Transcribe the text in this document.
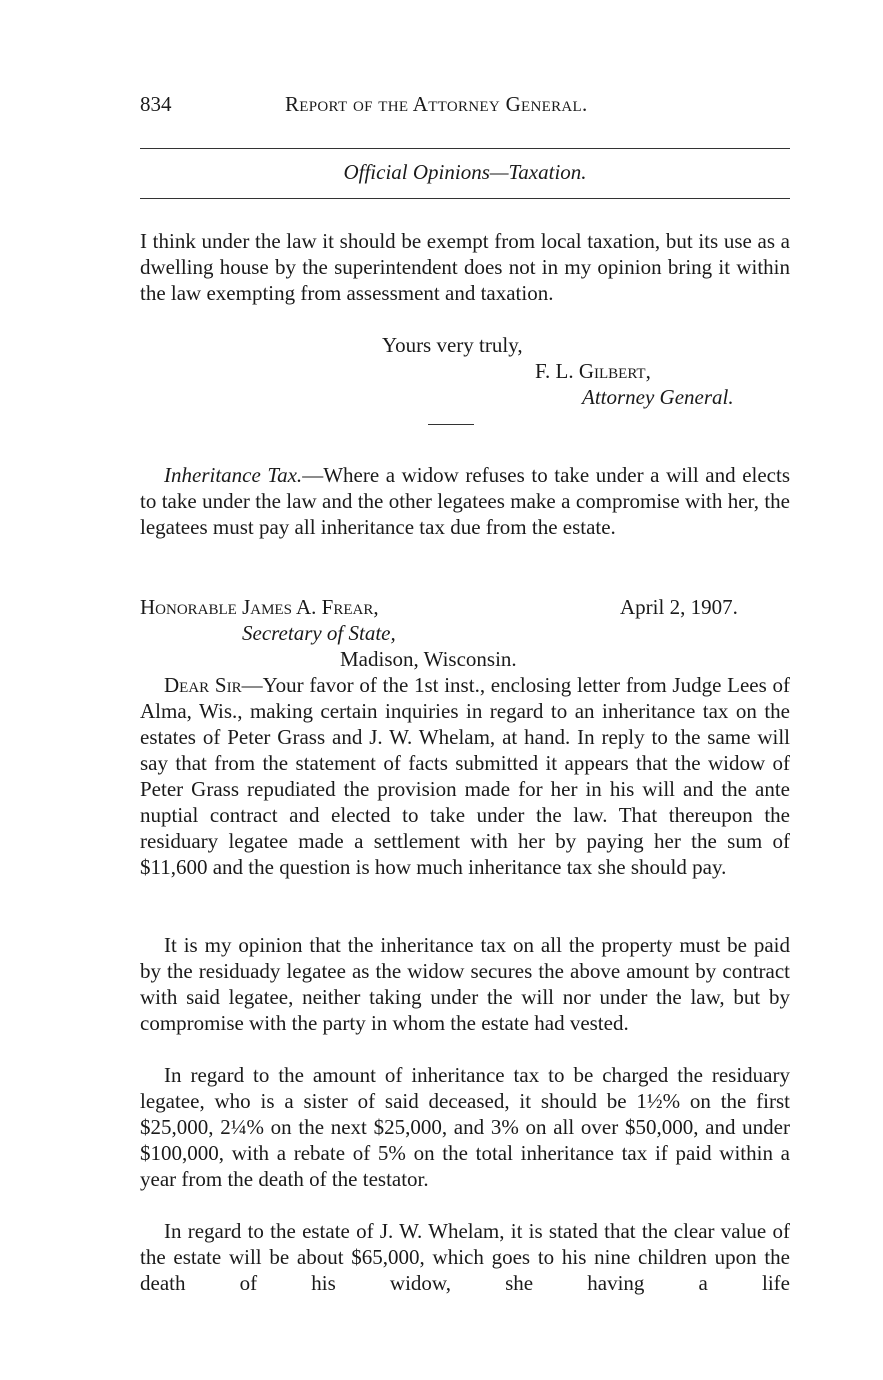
834	Report of the Attorney General.
Official Opinions—Taxation.
I think under the law it should be exempt from local taxation, but its use as a dwelling house by the superintendent does not in my opinion bring it within the law exempting from assessment and taxation.
Yours very truly,
F. L. Gilbert,
Attorney General.
Inheritance Tax.—Where a widow refuses to take under a will and elects to take under the law and the other legatees make a compromise with her, the legatees must pay all inheritance tax due from the estate.
Honorable James A. Frear,	April 2, 1907.
Secretary of State,
Madison, Wisconsin.
Dear Sir—Your favor of the 1st inst., enclosing letter from Judge Lees of Alma, Wis., making certain inquiries in regard to an inheritance tax on the estates of Peter Grass and J. W. Whelam, at hand. In reply to the same will say that from the statement of facts submitted it appears that the widow of Peter Grass repudiated the provision made for her in his will and the ante nuptial contract and elected to take under the law. That thereupon the residuary legatee made a settlement with her by paying her the sum of $11,600 and the question is how much inheritance tax she should pay.
It is my opinion that the inheritance tax on all the property must be paid by the residuady legatee as the widow secures the above amount by contract with said legatee, neither taking under the will nor under the law, but by compromise with the party in whom the estate had vested.
In regard to the amount of inheritance tax to be charged the residuary legatee, who is a sister of said deceased, it should be 1½% on the first $25,000, 2¼% on the next $25,000, and 3% on all over $50,000, and under $100,000, with a rebate of 5% on the total inheritance tax if paid within a year from the death of the testator.
In regard to the estate of J. W. Whelam, it is stated that the clear value of the estate will be about $65,000, which goes to his nine children upon the death of his widow, she having a life
